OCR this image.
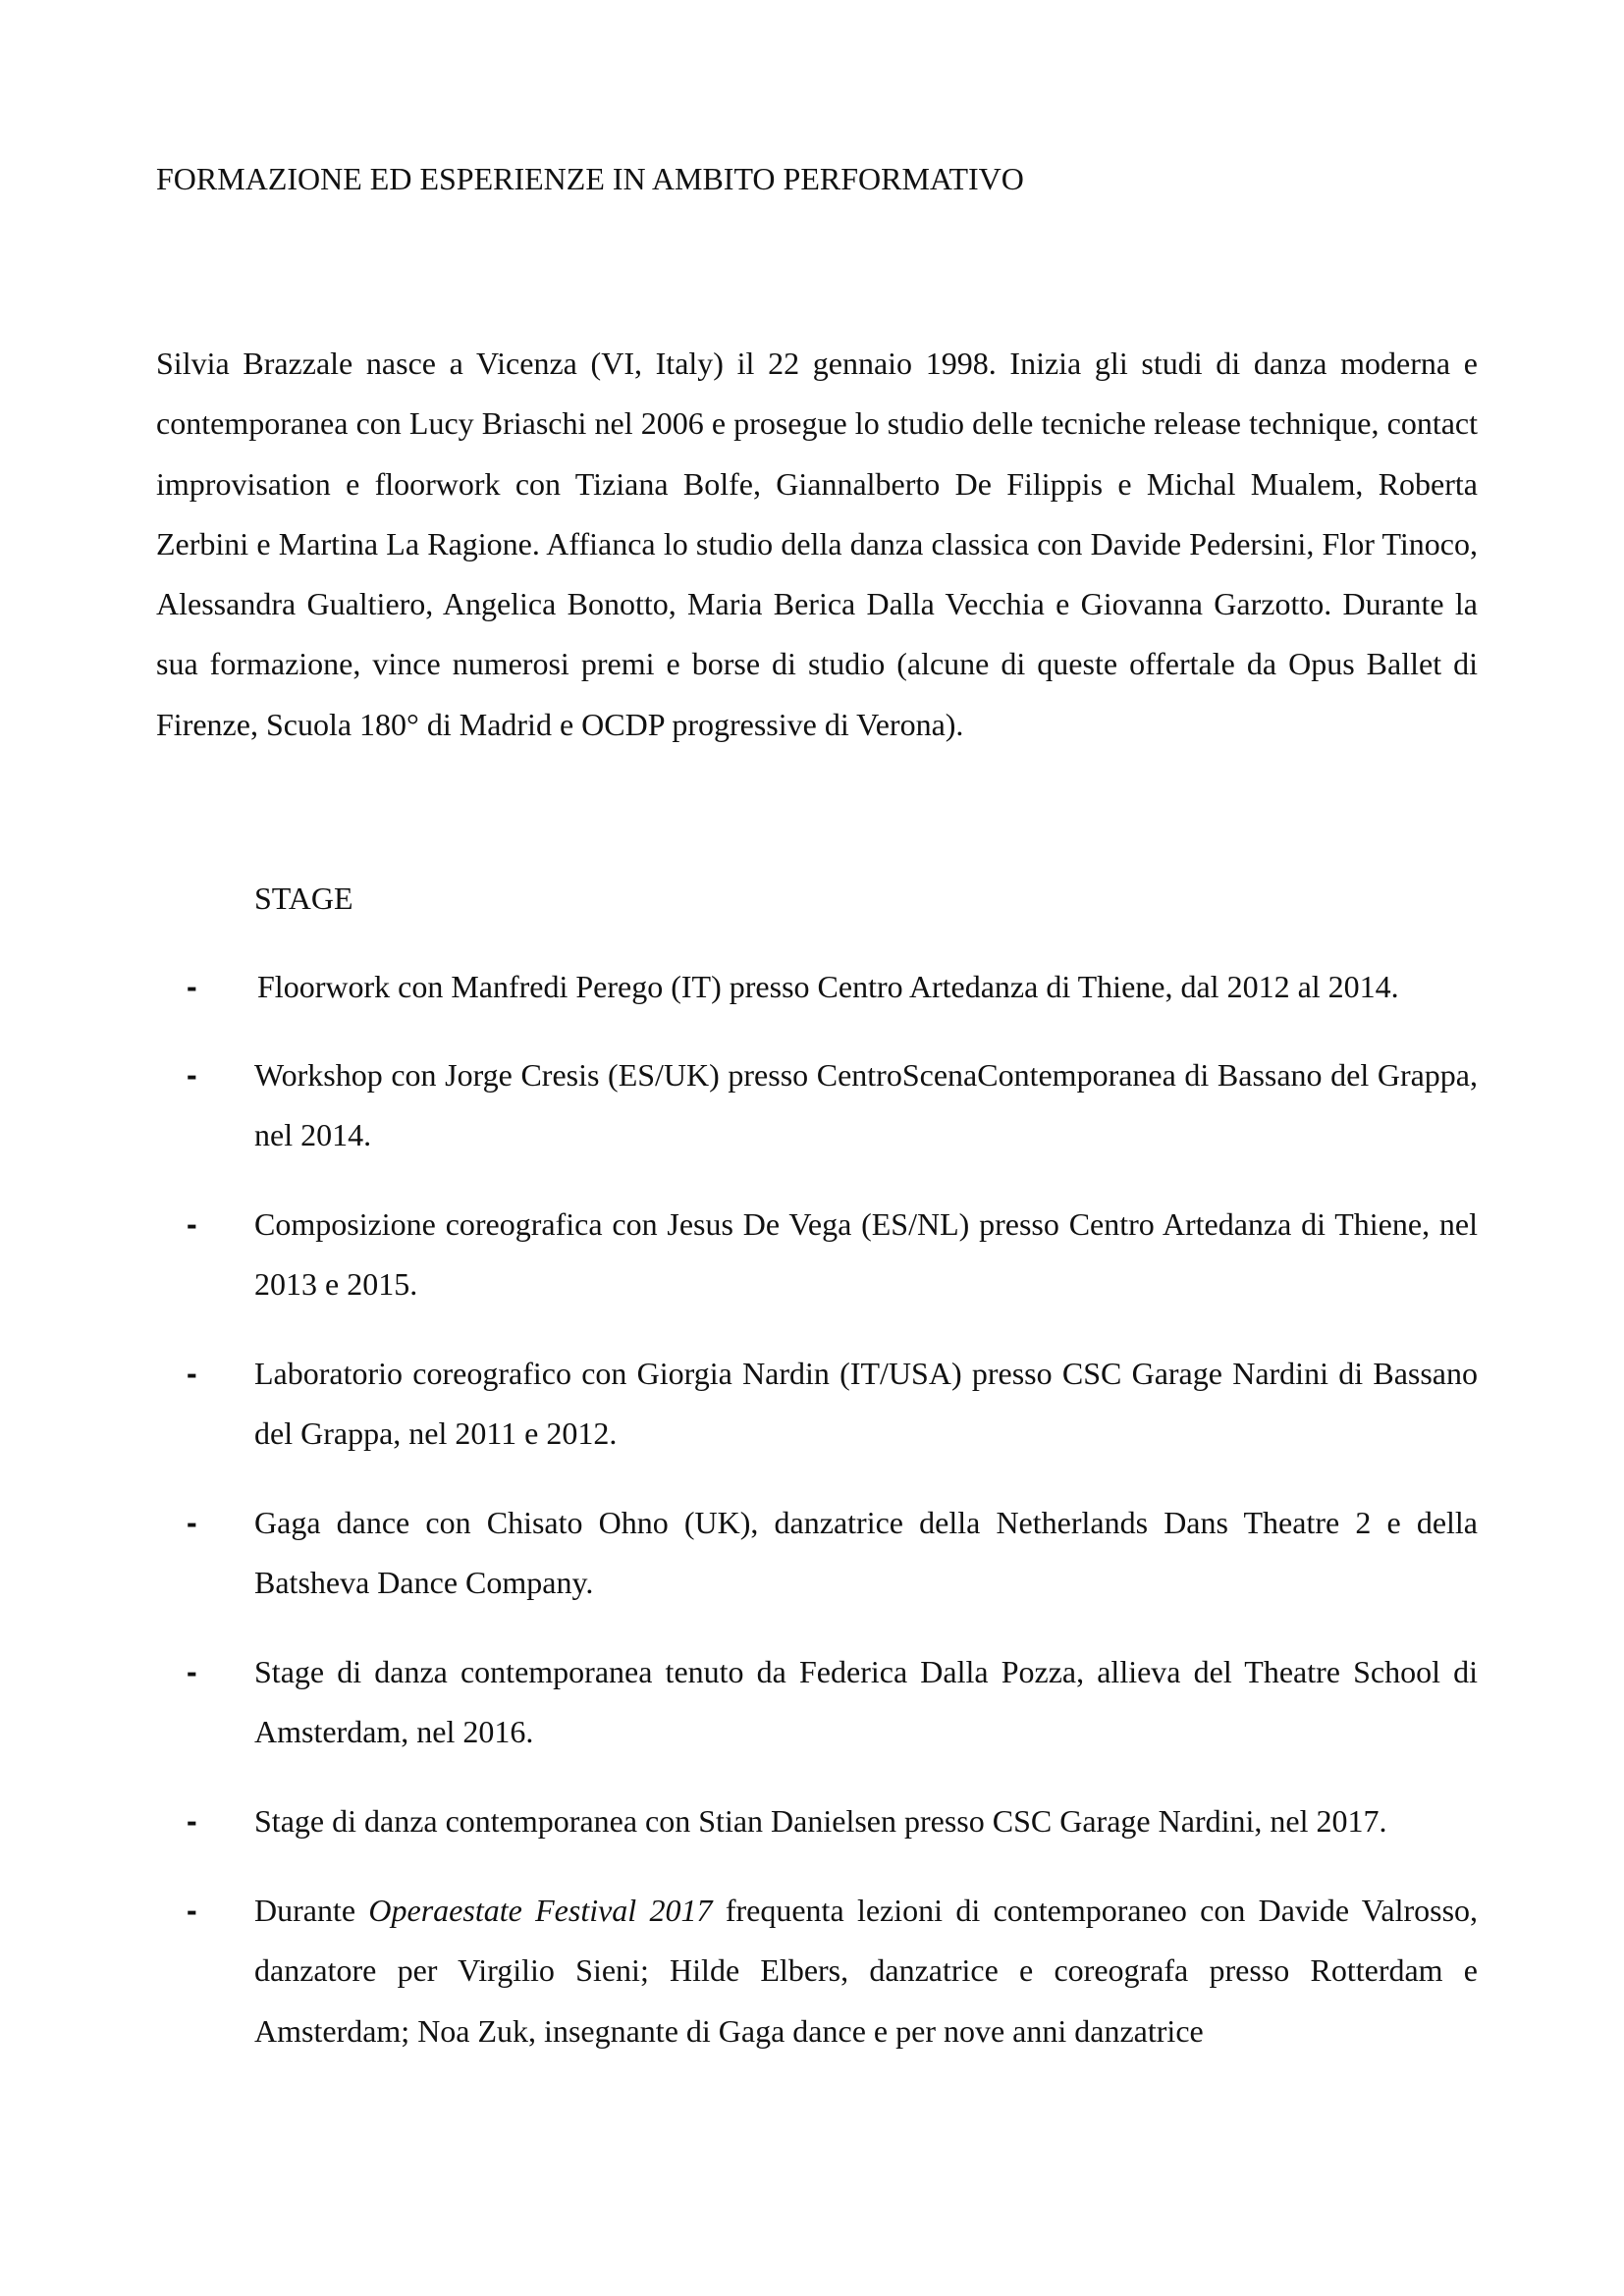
FORMAZIONE ED ESPERIENZE IN AMBITO PERFORMATIVO

Silvia Brazzale nasce a Vicenza (VI, Italy) il 22 gennaio 1998. Inizia gli studi di danza moderna e contemporanea con Lucy Briaschi nel 2006 e prosegue lo studio delle tecniche release technique, contact improvisation e floorwork con Tiziana Bolfe, Giannalberto De Filippis e Michal Mualem, Roberta Zerbini e Martina La Ragione. Affianca lo studio della danza classica con Davide Pedersini, Flor Tinoco, Alessandra Gualtiero, Angelica Bonotto, Maria Berica Dalla Vecchia e Giovanna Garzotto. Durante la sua formazione, vince numerosi premi e borse di studio (alcune di queste offertale da Opus Ballet di Firenze, Scuola 180° di Madrid e OCDP progressive di Verona).

STAGE
- Floorwork con Manfredi Perego (IT) presso Centro Artedanza di Thiene, dal 2012 al 2014.
- Workshop con Jorge Cresis (ES/UK) presso CentroScenaContemporanea di Bassano del Grappa, nel 2014.
- Composizione coreografica con Jesus De Vega (ES/NL) presso Centro Artedanza di Thiene, nel 2013 e 2015.
- Laboratorio coreografico con Giorgia Nardin (IT/USA) presso CSC Garage Nardini di Bassano del Grappa, nel 2011 e 2012.
- Gaga dance con Chisato Ohno (UK), danzatrice della Netherlands Dans Theatre 2 e della Batsheva Dance Company.
- Stage di danza contemporanea tenuto da Federica Dalla Pozza, allieva del Theatre School di Amsterdam, nel 2016.
- Stage di danza contemporanea con Stian Danielsen presso CSC Garage Nardini, nel 2017.
- Durante Operaestate Festival 2017 frequenta lezioni di contemporaneo con Davide Valrosso, danzatore per Virgilio Sieni; Hilde Elbers, danzatrice e coreografa presso Rotterdam e Amsterdam; Noa Zuk, insegnante di Gaga dance e per nove anni danzatrice
